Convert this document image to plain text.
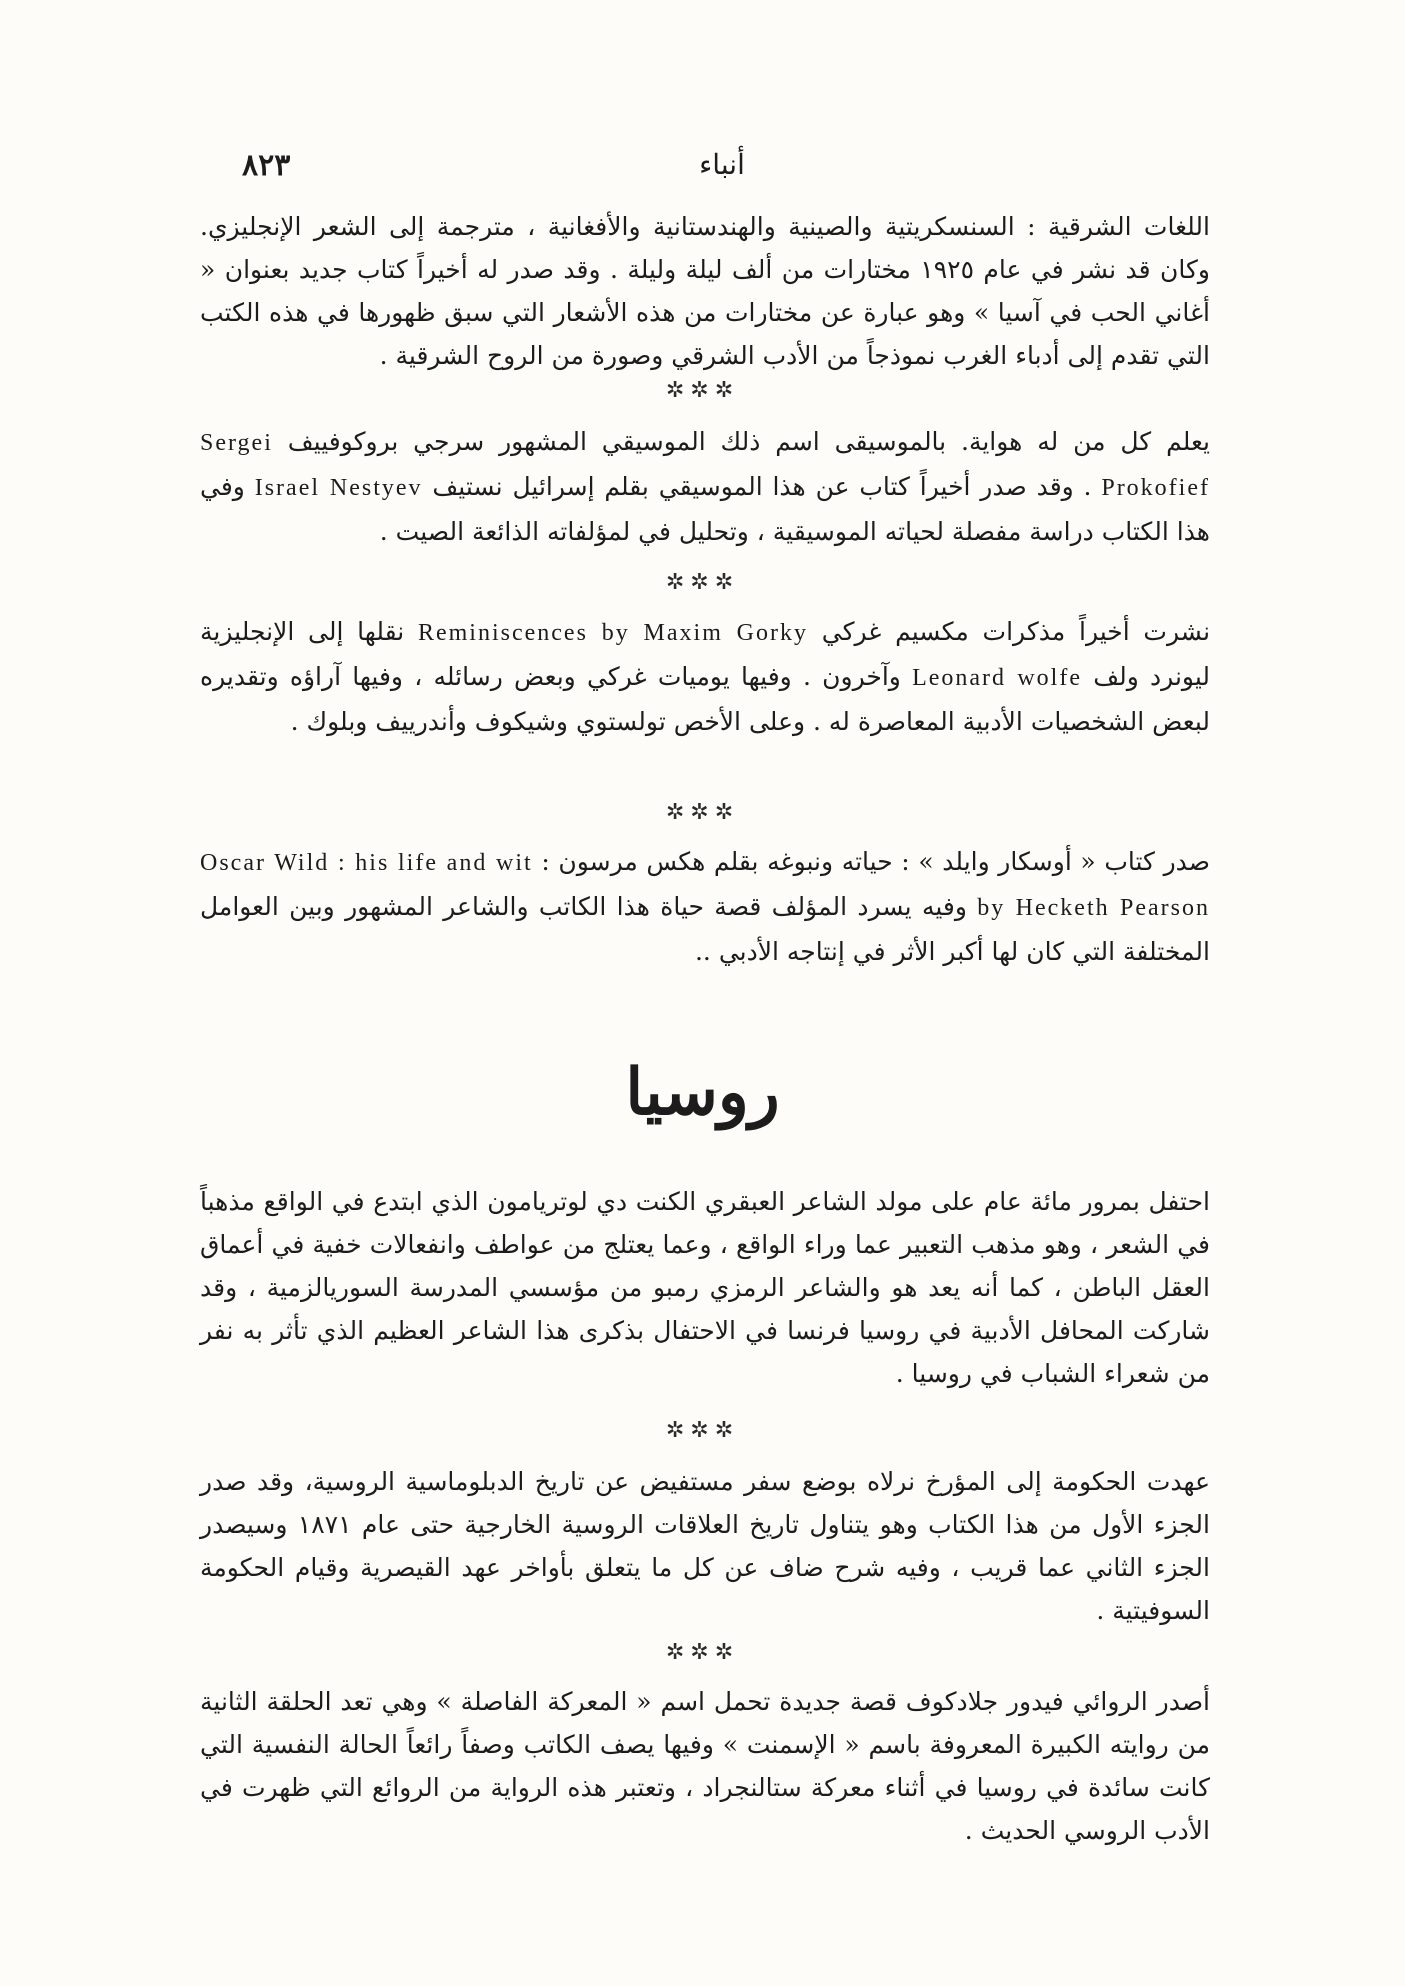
٨٢٣	أنباء

اللغات الشرقية : السنسكريتية والصينية والهندستانية والأفغانية ، مترجمة إلى الشعر الإنجليزي. وكان قد نشر في عام ١٩٢٥ مختارات من ألف ليلة وليلة . وقد صدر له أخيراً كتاب جديد بعنوان « أغاني الحب في آسيا » وهو عبارة عن مختارات من هذه الأشعار التي سبق ظهورها في هذه الكتب التي تقدم إلى أدباء الغرب نموذجاً من الأدب الشرقي وصورة من الروح الشرقية .

✲✲✲

يعلم كل من له هواية. بالموسيقى اسم ذلك الموسيقي المشهور سرجي بروكوفييف Sergei Prokofief . وقد صدر أخيراً كتاب عن هذا الموسيقي بقلم إسرائيل نستيف Israel Nestyev وفي هذا الكتاب دراسة مفصلة لحياته الموسيقية ، وتحليل في لمؤلفاته الذائعة الصيت .

✲✲✲

نشرت أخيراً مذكرات مكسيم غركي Reminiscences by Maxim Gorky نقلها إلى الإنجليزية ليونرد ولف Leonard wolfe وآخرون . وفيها يوميات غركي وبعض رسائله ، وفيها آراؤه وتقديره لبعض الشخصيات الأدبية المعاصرة له . وعلى الأخص تولستوي وشيكوف وأندرييف وبلوك .

✲✲✲

صدر كتاب « أوسكار وايلد » : حياته ونبوغه بقلم هكس مرسون : Oscar Wild : his life and wit by Hecketh Pearson وفيه يسرد المؤلف قصة حياة هذا الكاتب والشاعر المشهور وبين العوامل المختلفة التي كان لها أكبر الأثر في إنتاجه الأدبي ..

روسيا

احتفل بمرور مائة عام على مولد الشاعر العبقري الكنت دي لوتريامون الذي ابتدع في الواقع مذهباً في الشعر ، وهو مذهب التعبير عما وراء الواقع ، وعما يعتلج من عواطف وانفعالات خفية في أعماق العقل الباطن ، كما أنه يعد هو والشاعر الرمزي رمبو من مؤسسي المدرسة السوريالزمية ، وقد شاركت المحافل الأدبية في روسيا فرنسا في الاحتفال بذكرى هذا الشاعر العظيم الذي تأثر به نفر من شعراء الشباب في روسيا .

✲✲✲

عهدت الحكومة إلى المؤرخ نرلاه بوضع سفر مستفيض عن تاريخ الدبلوماسية الروسية، وقد صدر الجزء الأول من هذا الكتاب وهو يتناول تاريخ العلاقات الروسية الخارجية حتى عام ١٨٧١ وسيصدر الجزء الثاني عما قريب ، وفيه شرح ضاف عن كل ما يتعلق بأواخر عهد القيصرية وقيام الحكومة السوفيتية .

✲✲✲

أصدر الروائي فيدور جلادكوف قصة جديدة تحمل اسم « المعركة الفاصلة » وهي تعد الحلقة الثانية من روايته الكبيرة المعروفة باسم « الإسمنت » وفيها يصف الكاتب وصفاً رائعاً الحالة النفسية التي كانت سائدة في روسيا في أثناء معركة ستالنجراد ، وتعتبر هذه الرواية من الروائع التي ظهرت في الأدب الروسي الحديث .
